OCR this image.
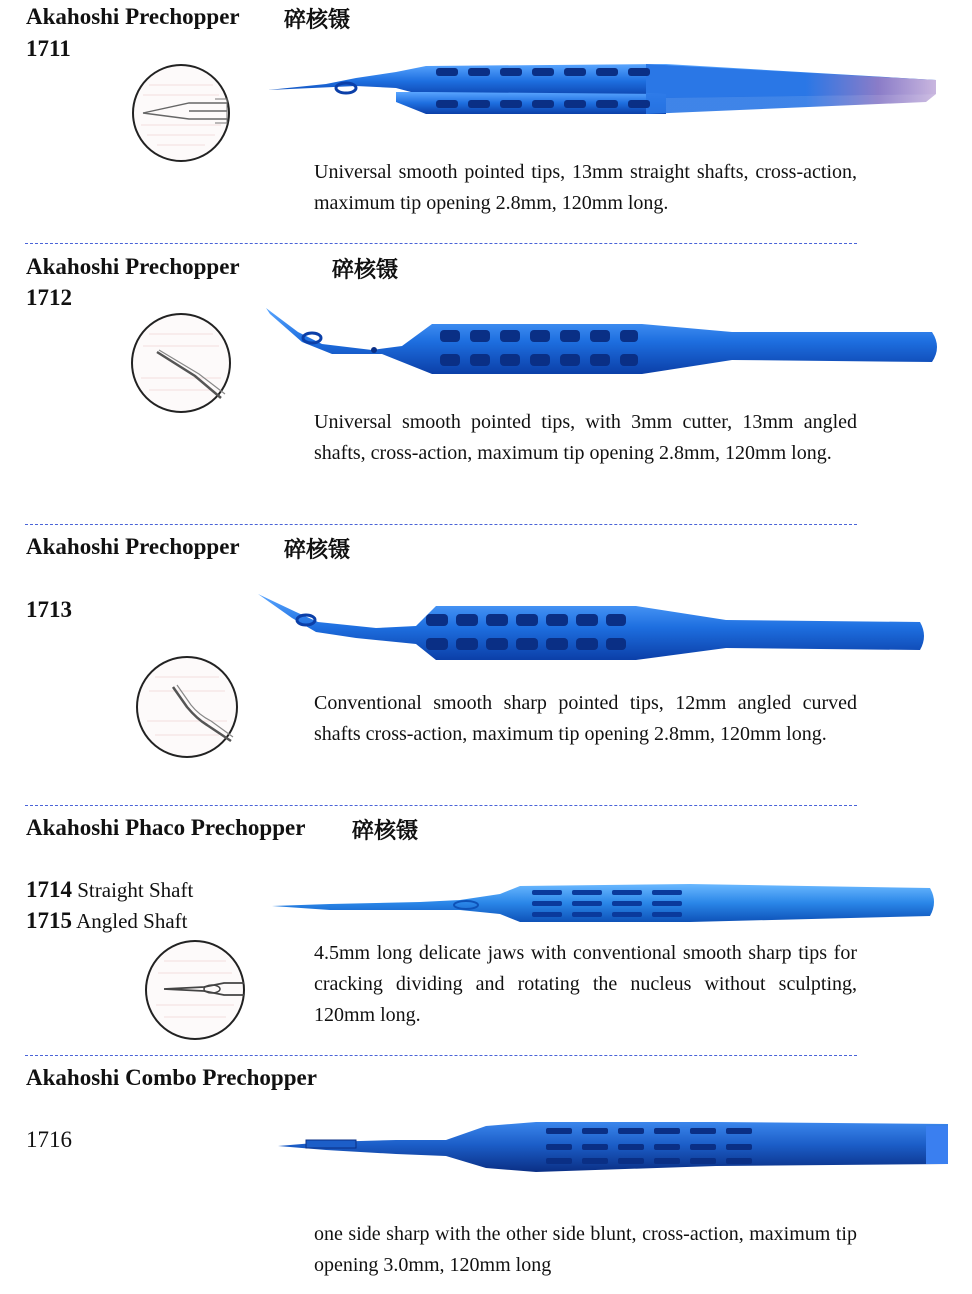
Akahoshi Prechopper 碎核镊
1711
Universal smooth pointed tips, 13mm straight shafts, cross-action, maximum tip opening 2.8mm, 120mm long.
Akahoshi Prechopper	碎核镊
1712
Universal smooth pointed tips, with 3mm cutter, 13mm angled shafts, cross-action, maximum tip opening 2.8mm, 120mm long.
Akahoshi Prechopper 碎核镊
1713
Conventional smooth sharp pointed tips, 12mm angled curved shafts cross-action, maximum tip opening 2.8mm, 120mm long.
Akahoshi Phaco Prechopper 碎核镊
1714 Straight Shaft
1715 Angled Shaft
4.5mm long delicate jaws with conventional smooth sharp tips for cracking dividing and rotating the nucleus without sculpting, 120mm long.
Akahoshi Combo Prechopper
1716
one side sharp with the other side blunt, cross-action, maximum tip opening 3.0mm, 120mm long
